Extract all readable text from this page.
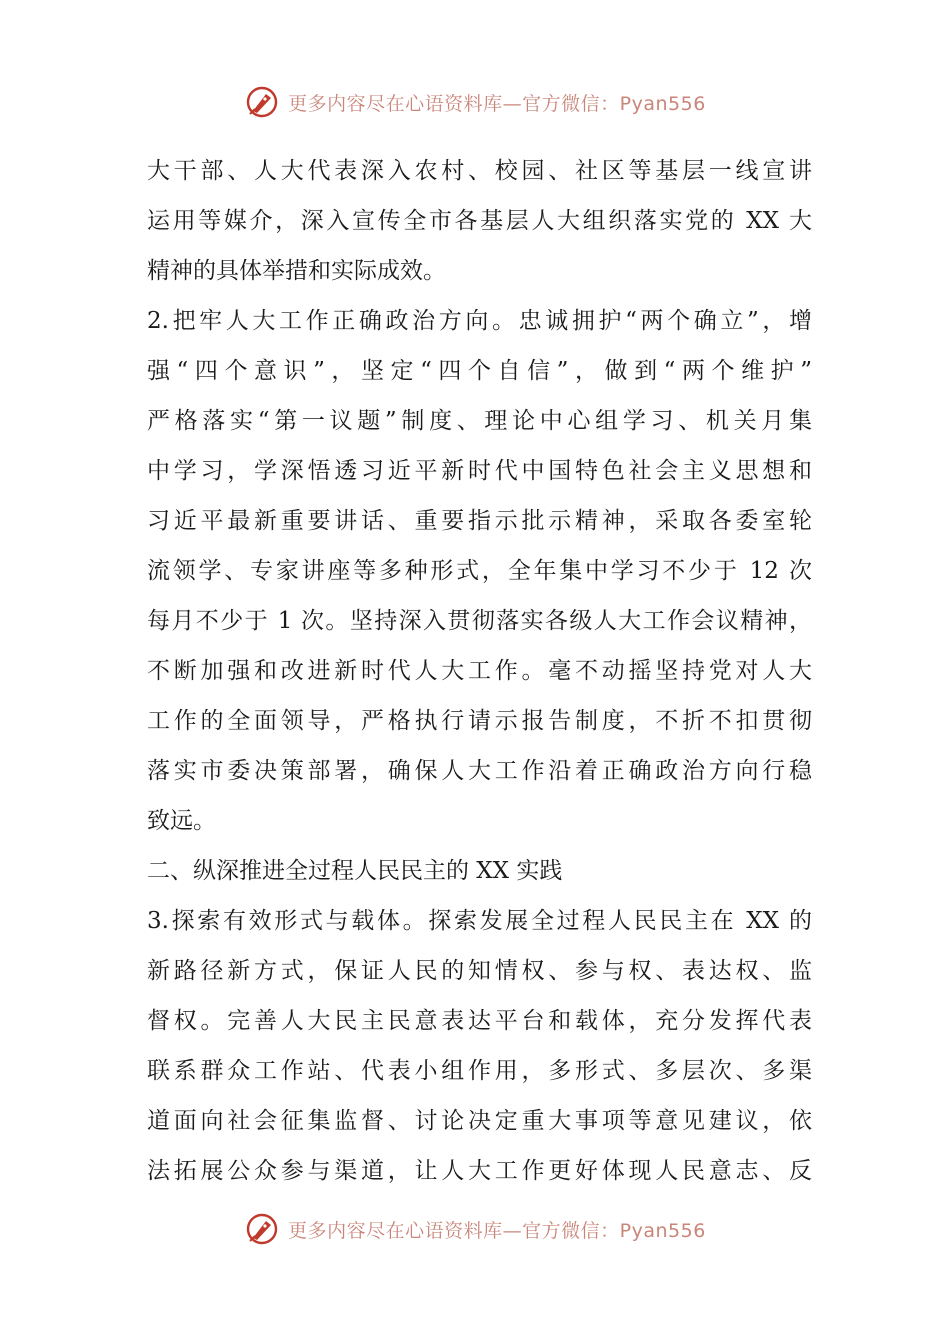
更多内容尽在心语资料库—官方微信：Pyan556
大干部、人大代表深入农村、校园、社区等基层一线宣讲
运用等媒介，深入宣传全市各基层人大组织落实党的 XX 大
精神的具体举措和实际成效。
2.把牢人大工作正确政治方向。忠诚拥护“两个确立”，增
强“四个意识”，坚定“四个自信”，做到“两个维护”
严格落实“第一议题”制度、理论中心组学习、机关月集
中学习，学深悟透习近平新时代中国特色社会主义思想和
习近平最新重要讲话、重要指示批示精神，采取各委室轮
流领学、专家讲座等多种形式，全年集中学习不少于 12 次
每月不少于 1 次。坚持深入贯彻落实各级人大工作会议精神，
不断加强和改进新时代人大工作。毫不动摇坚持党对人大
工作的全面领导，严格执行请示报告制度，不折不扣贯彻
落实市委决策部署，确保人大工作沿着正确政治方向行稳
致远。
二、纵深推进全过程人民民主的 XX 实践
3.探索有效形式与载体。探索发展全过程人民民主在 XX 的
新路径新方式，保证人民的知情权、参与权、表达权、监
督权。完善人大民主民意表达平台和载体，充分发挥代表
联系群众工作站、代表小组作用，多形式、多层次、多渠
道面向社会征集监督、讨论决定重大事项等意见建议，依
法拓展公众参与渠道，让人大工作更好体现人民意志、反
更多内容尽在心语资料库—官方微信：Pyan556
